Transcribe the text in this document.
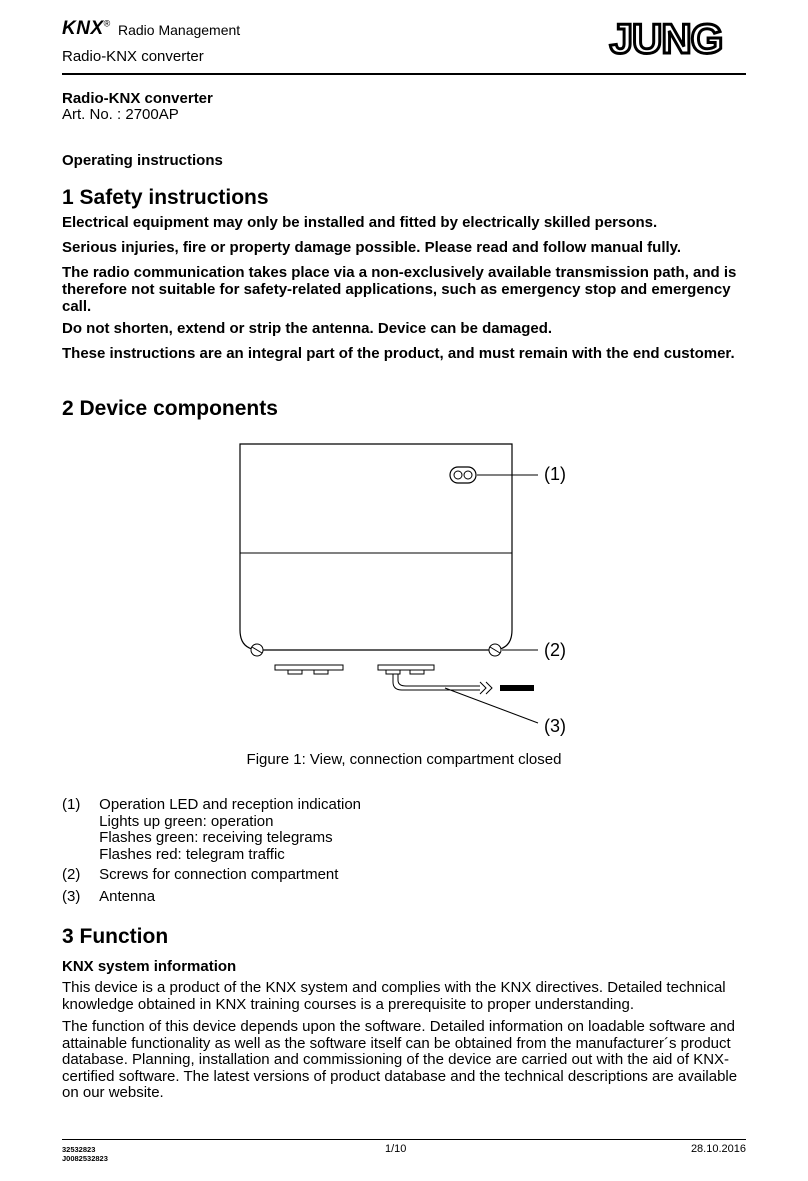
KNX® Radio Management
Radio-KNX converter	JUNG
Radio-KNX converter
Art. No. : 2700AP
Operating instructions
1 Safety instructions

Electrical equipment may only be installed and fitted by electrically skilled persons.

Serious injuries, fire or property damage possible. Please read and follow manual fully.

The radio communication takes place via a non-exclusively available transmission path, and is therefore not suitable for safety-related applications, such as emergency stop and emergency call.

Do not shorten, extend or strip the antenna. Device can be damaged.

These instructions are an integral part of the product, and must remain with the end customer.

2 Device components
(1)
(2)
(3)
Figure 1: View, connection compartment closed
(1) Operation LED and reception indication
Lights up green: operation
Flashes green: receiving telegrams
Flashes red: telegram traffic
(2) Screws for connection compartment
(3) Antenna
3 Function
KNX system information

This device is a product of the KNX system and complies with the KNX directives. Detailed technical knowledge obtained in KNX training courses is a prerequisite to proper understanding.

The function of this device depends upon the software. Detailed information on loadable software and attainable functionality as well as the software itself can be obtained from the manufacturer´s product database. Planning, installation and commissioning of the device are carried out with the aid of KNX-certified software. The latest versions of product database and the technical descriptions are available on our website.

32532823
J0082532823
1/10	28.10.2016
